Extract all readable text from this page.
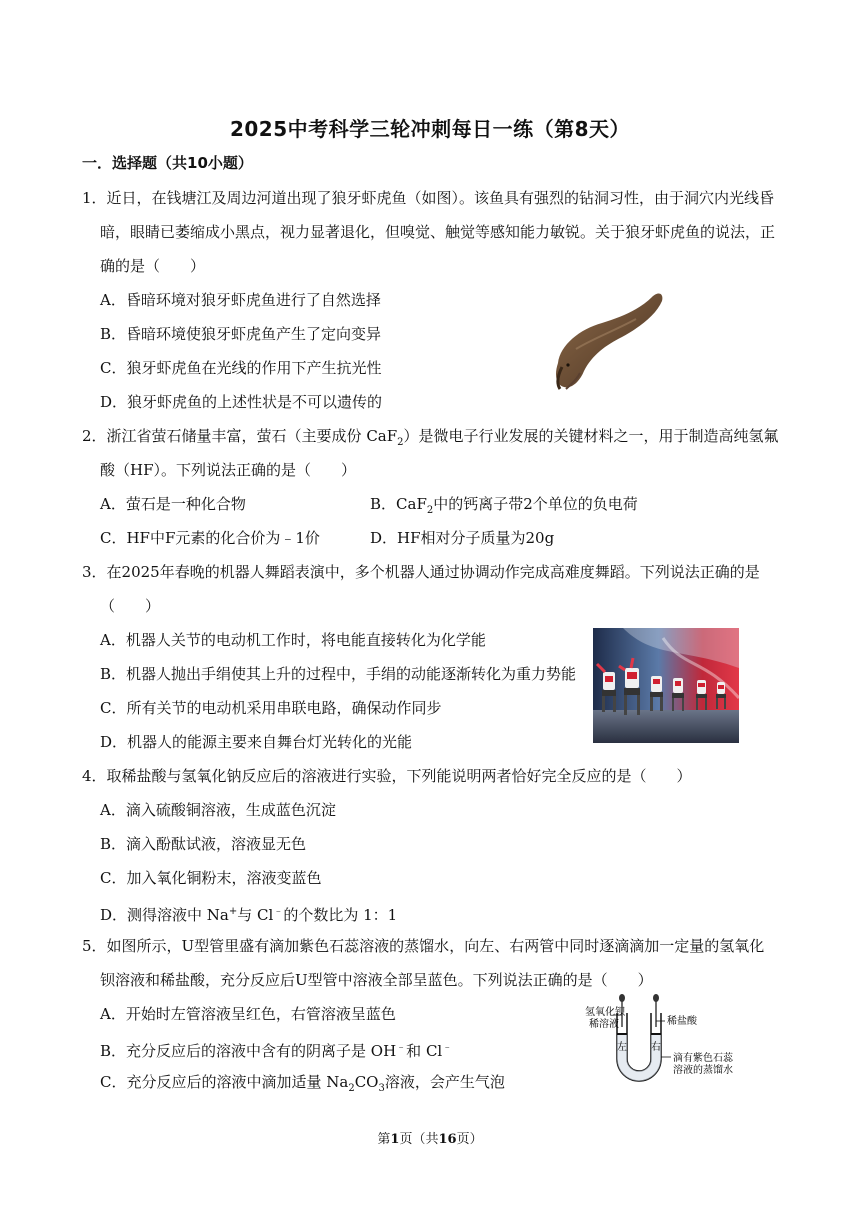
2025中考科学三轮冲刺每日一练（第8天）
一．选择题（共10小题）
1．近日，在钱塘江及周边河道出现了狼牙虾虎鱼（如图）。该鱼具有强烈的钻洞习性，由于洞穴内光线昏
暗，眼睛已萎缩成小黑点，视力显著退化，但嗅觉、触觉等感知能力敏锐。关于狼牙虾虎鱼的说法，正
确的是（　　）
A．昏暗环境对狼牙虾虎鱼进行了自然选择
B．昏暗环境使狼牙虾虎鱼产生了定向变异
C．狼牙虾虎鱼在光线的作用下产生抗光性
D．狼牙虾虎鱼的上述性状是不可以遗传的
2．浙江省萤石储量丰富，萤石（主要成份 CaF$_2$）是微电子行业发展的关键材料之一，用于制造高纯氢氟
酸（HF）。下列说法正确的是（　　）
A．萤石是一种化合物	B．CaF$_2$中的钙离子带2个单位的负电荷
C．HF中F元素的化合价为﹣1价	D．HF相对分子质量为20g
3．在2025年春晚的机器人舞蹈表演中，多个机器人通过协调动作完成高难度舞蹈。下列说法正确的是
（　　）
A．机器人关节的电动机工作时，将电能直接转化为化学能
B．机器人抛出手绢使其上升的过程中，手绢的动能逐渐转化为重力势能
C．所有关节的电动机采用串联电路，确保动作同步
D．机器人的能源主要来自舞台灯光转化的光能
4．取稀盐酸与氢氧化钠反应后的溶液进行实验，下列能说明两者恰好完全反应的是（　　）
A．滴入硫酸铜溶液，生成蓝色沉淀
B．滴入酚酞试液，溶液显无色
C．加入氧化铜粉末，溶液变蓝色
D．测得溶液中 Na+与 Cl﹣的个数比为 1：1
5．如图所示，U型管里盛有滴加紫色石蕊溶液的蒸馏水，向左、右两管中同时逐滴滴加一定量的氢氧化
钡溶液和稀盐酸，充分反应后U型管中溶液全部呈蓝色。下列说法正确的是（　　）
A．开始时左管溶液呈红色，右管溶液呈蓝色
B．充分反应后的溶液中含有的阴离子是 OH﹣和 Cl﹣
C．充分反应后的溶液中滴加适量 $Na_2CO_3$溶液，会产生气泡
氢氧化钡
稀溶液	稀盐酸
左 右
滴有紫色石蕊
溶液的蒸馏水
第1页（共16页）
